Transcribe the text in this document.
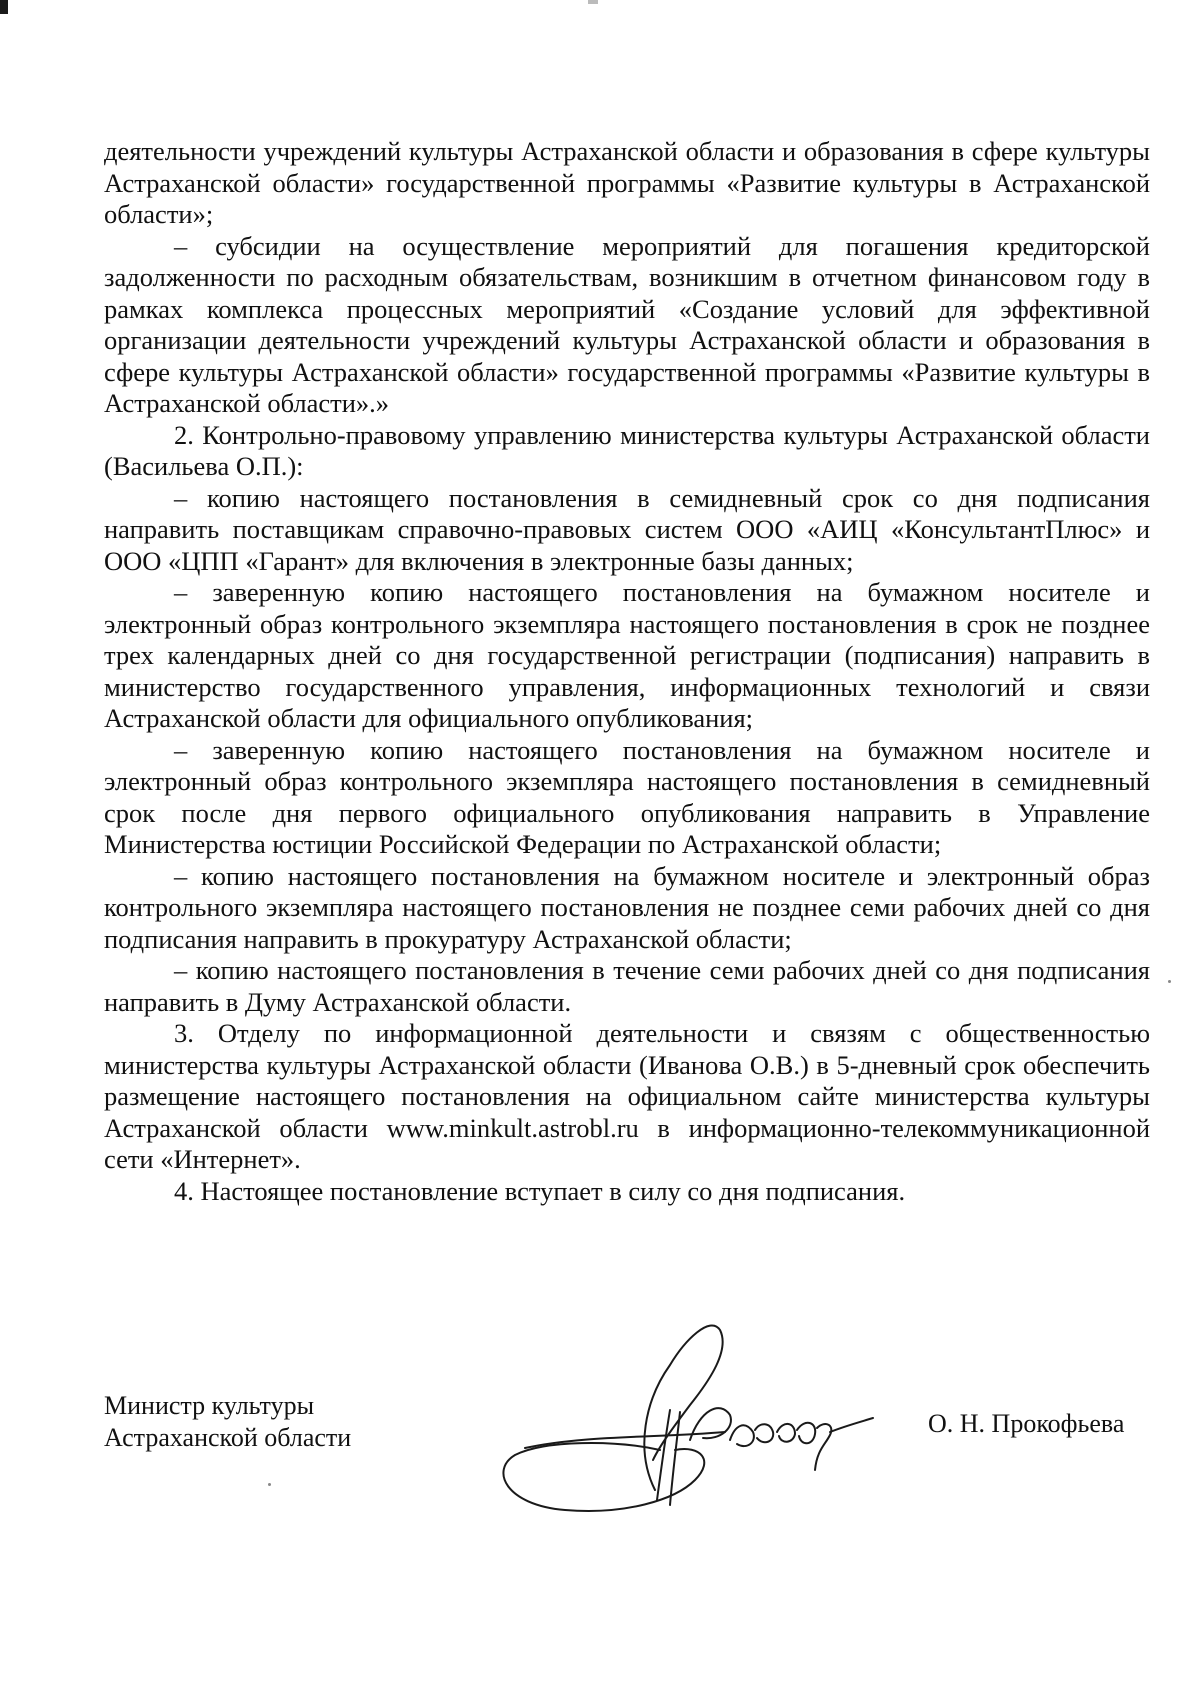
деятельности учреждений культуры Астраханской области и образования в сфере культуры Астраханской области» государственной программы «Развитие культуры в Астраханской области»;

– субсидии на осуществление мероприятий для погашения кредиторской задолженности по расходным обязательствам, возникшим в отчетном финансовом году в рамках комплекса процессных мероприятий «Создание условий для эффективной организации деятельности учреждений культуры Астраханской области и образования в сфере культуры Астраханской области» государственной программы «Развитие культуры в Астраханской области».»

2. Контрольно-правовому управлению министерства культуры Астраханской области (Васильева О.П.):

– копию настоящего постановления в семидневный срок со дня подписания направить поставщикам справочно-правовых систем ООО «АИЦ «КонсультантПлюс» и ООО «ЦПП «Гарант» для включения в электронные базы данных;

– заверенную копию настоящего постановления на бумажном носителе и электронный образ контрольного экземпляра настоящего постановления в срок не позднее трех календарных дней со дня государственной регистрации (подписания) направить в министерство государственного управления, информационных технологий и связи Астраханской области для официального опубликования;

– заверенную копию настоящего постановления на бумажном носителе и электронный образ контрольного экземпляра настоящего постановления в семидневный срок после дня первого официального опубликования направить в Управление Министерства юстиции Российской Федерации по Астраханской области;

– копию настоящего постановления на бумажном носителе и электронный образ контрольного экземпляра настоящего постановления не позднее семи рабочих дней со дня подписания направить в прокуратуру Астраханской области;

– копию настоящего постановления в течение семи рабочих дней со дня подписания направить в Думу Астраханской области.

3. Отделу по информационной деятельности и связям с общественностью министерства культуры Астраханской области (Иванова О.В.) в 5-дневный срок обеспечить размещение настоящего постановления на официальном сайте министерства культуры Астраханской области www.minkult.astrobl.ru в информационно-телекоммуникационной сети «Интернет».

4. Настоящее постановление вступает в силу со дня подписания.

Министр культуры
Астраханской области	О. Н. Прокофьева
